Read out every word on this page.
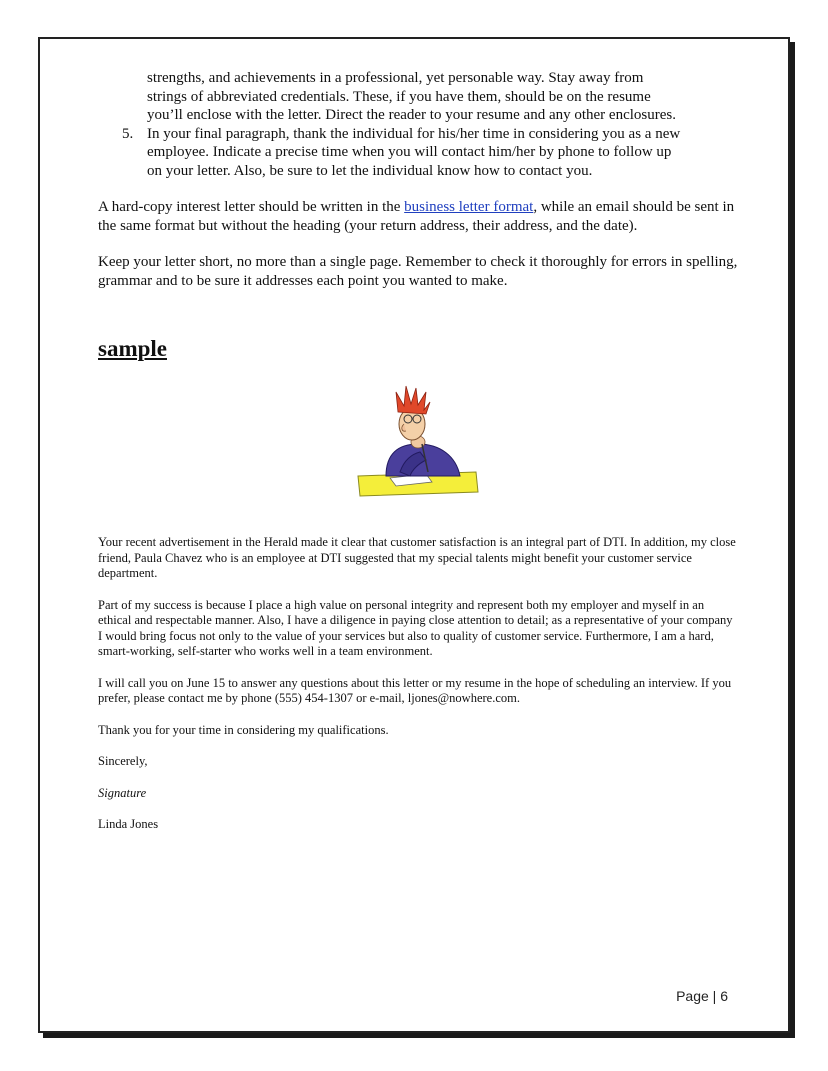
strengths, and achievements in a professional, yet personable way. Stay away from
strings of abbreviated credentials. These, if you have them, should be on the resume
you’ll enclose with the letter. Direct the reader to your resume and any other enclosures.
5. In your final paragraph, thank the individual for his/her time in considering you as a new
employee. Indicate a precise time when you will contact him/her by phone to follow up
on your letter. Also, be sure to let the individual know how to contact you.

A hard-copy interest letter should be written in the business letter format, while an email should be sent in the same format but without the heading (your return address, their address, and the date).

Keep your letter short, no more than a single page. Remember to check it thoroughly for errors in spelling, grammar and to be sure it addresses each point you wanted to make.

sample

Your recent advertisement in the Herald made it clear that customer satisfaction is an integral part of DTI. In addition, my close friend, Paula Chavez who is an employee at DTI suggested that my special talents might benefit your customer service department.

Part of my success is because I place a high value on personal integrity and represent both my employer and myself in an ethical and respectable manner. Also, I have a diligence in paying close attention to detail; as a representative of your company I would bring focus not only to the value of your services but also to quality of customer service. Furthermore, I am a hard, smart-working, self-starter who works well in a team environment.

I will call you on June 15 to answer any questions about this letter or my resume in the hope of scheduling an interview. If you prefer, please contact me by phone (555) 454-1307 or e-mail, ljones@nowhere.com.

Thank you for your time in considering my qualifications.

Sincerely,

Signature

Linda Jones

Page | 6
